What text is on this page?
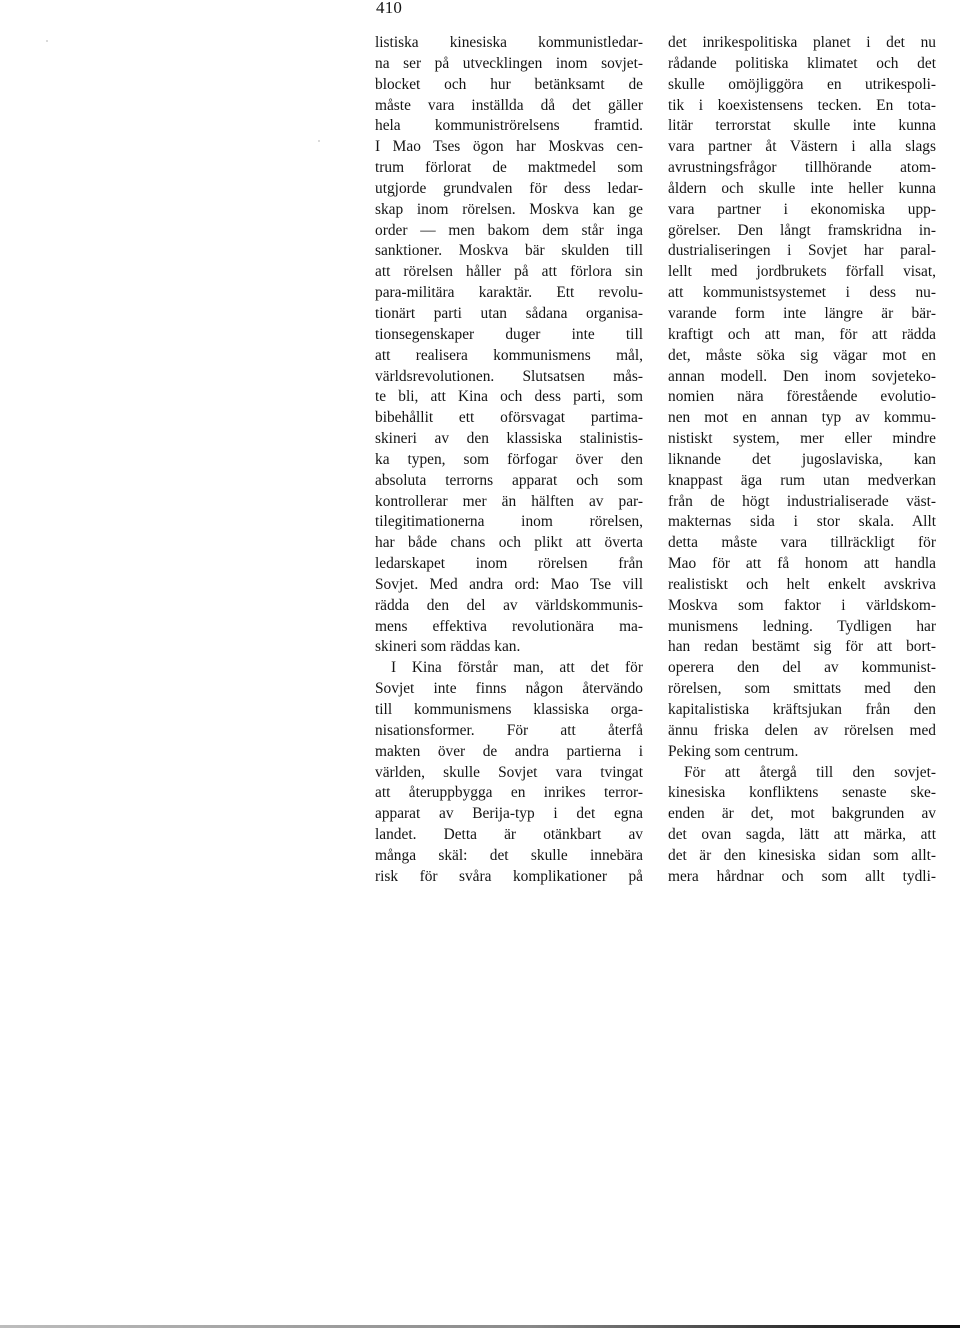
410
listiska kinesiska kommunistledar-
na ser på utvecklingen inom sovjet-
blocket och hur betänksamt de
måste vara inställda då det gäller
hela kommuniströrelsens framtid.
I Mao Tses ögon har Moskvas cen-
trum förlorat de maktmedel som
utgjorde grundvalen för dess ledar-
skap inom rörelsen. Moskva kan ge
order — men bakom dem står inga
sanktioner. Moskva bär skulden till
att rörelsen håller på att förlora sin
para-militära karaktär. Ett revolu-
tionärt parti utan sådana organisa-
tionsegenskaper duger inte till
att realisera kommunismens mål,
världsrevolutionen. Slutsatsen mås-
te bli, att Kina och dess parti, som
bibehållit ett oförsvagat partima-
skineri av den klassiska stalinistis-
ka typen, som förfogar över den
absoluta terrorns apparat och som
kontrollerar mer än hälften av par-
tilegitimationerna inom rörelsen,
har både chans och plikt att överta
ledarskapet inom rörelsen från
Sovjet. Med andra ord: Mao Tse vill
rädda den del av världskommunis-
mens effektiva revolutionära ma-
skineri som räddas kan.
I Kina förstår man, att det för
Sovjet inte finns någon återvändo
till kommunismens klassiska orga-
nisationsformer. För att återfå
makten över de andra partierna i
världen, skulle Sovjet vara tvingat
att återuppbygga en inrikes terror-
apparat av Berija-typ i det egna
landet. Detta är otänkbart av
många skäl: det skulle innebära
risk för svåra komplikationer på
det inrikespolitiska planet i det nu
rådande politiska klimatet och det
skulle omöjliggöra en utrikespoli-
tik i koexistensens tecken. En tota-
litär terrorstat skulle inte kunna
vara partner åt Västern i alla slags
avrustningsfrågor tillhörande atom-
åldern och skulle inte heller kunna
vara partner i ekonomiska upp-
görelser. Den långt framskridna in-
dustrialiseringen i Sovjet har paral-
lellt med jordbrukets förfall visat,
att kommunistsystemet i dess nu-
varande form inte längre är bär-
kraftigt och att man, för att rädda
det, måste söka sig vägar mot en
annan modell. Den inom sovjeteko-
nomien nära förestående evolutio-
nen mot en annan typ av kommu-
nistiskt system, mer eller mindre
liknande det jugoslaviska, kan
knappast äga rum utan medverkan
från de högt industrialiserade väst-
makternas sida i stor skala. Allt
detta måste vara tillräckligt för
Mao för att få honom att handla
realistiskt och helt enkelt avskriva
Moskva som faktor i världskom-
munismens ledning. Tydligen har
han redan bestämt sig för att bort-
operera den del av kommunist-
rörelsen, som smittats med den
kapitalistiska kräftsjukan från den
ännu friska delen av rörelsen med
Peking som centrum.
För att återgå till den sovjet-
kinesiska konfliktens senaste ske-
enden är det, mot bakgrunden av
det ovan sagda, lätt att märka, att
det är den kinesiska sidan som allt-
mera hårdnar och som allt tydli-
